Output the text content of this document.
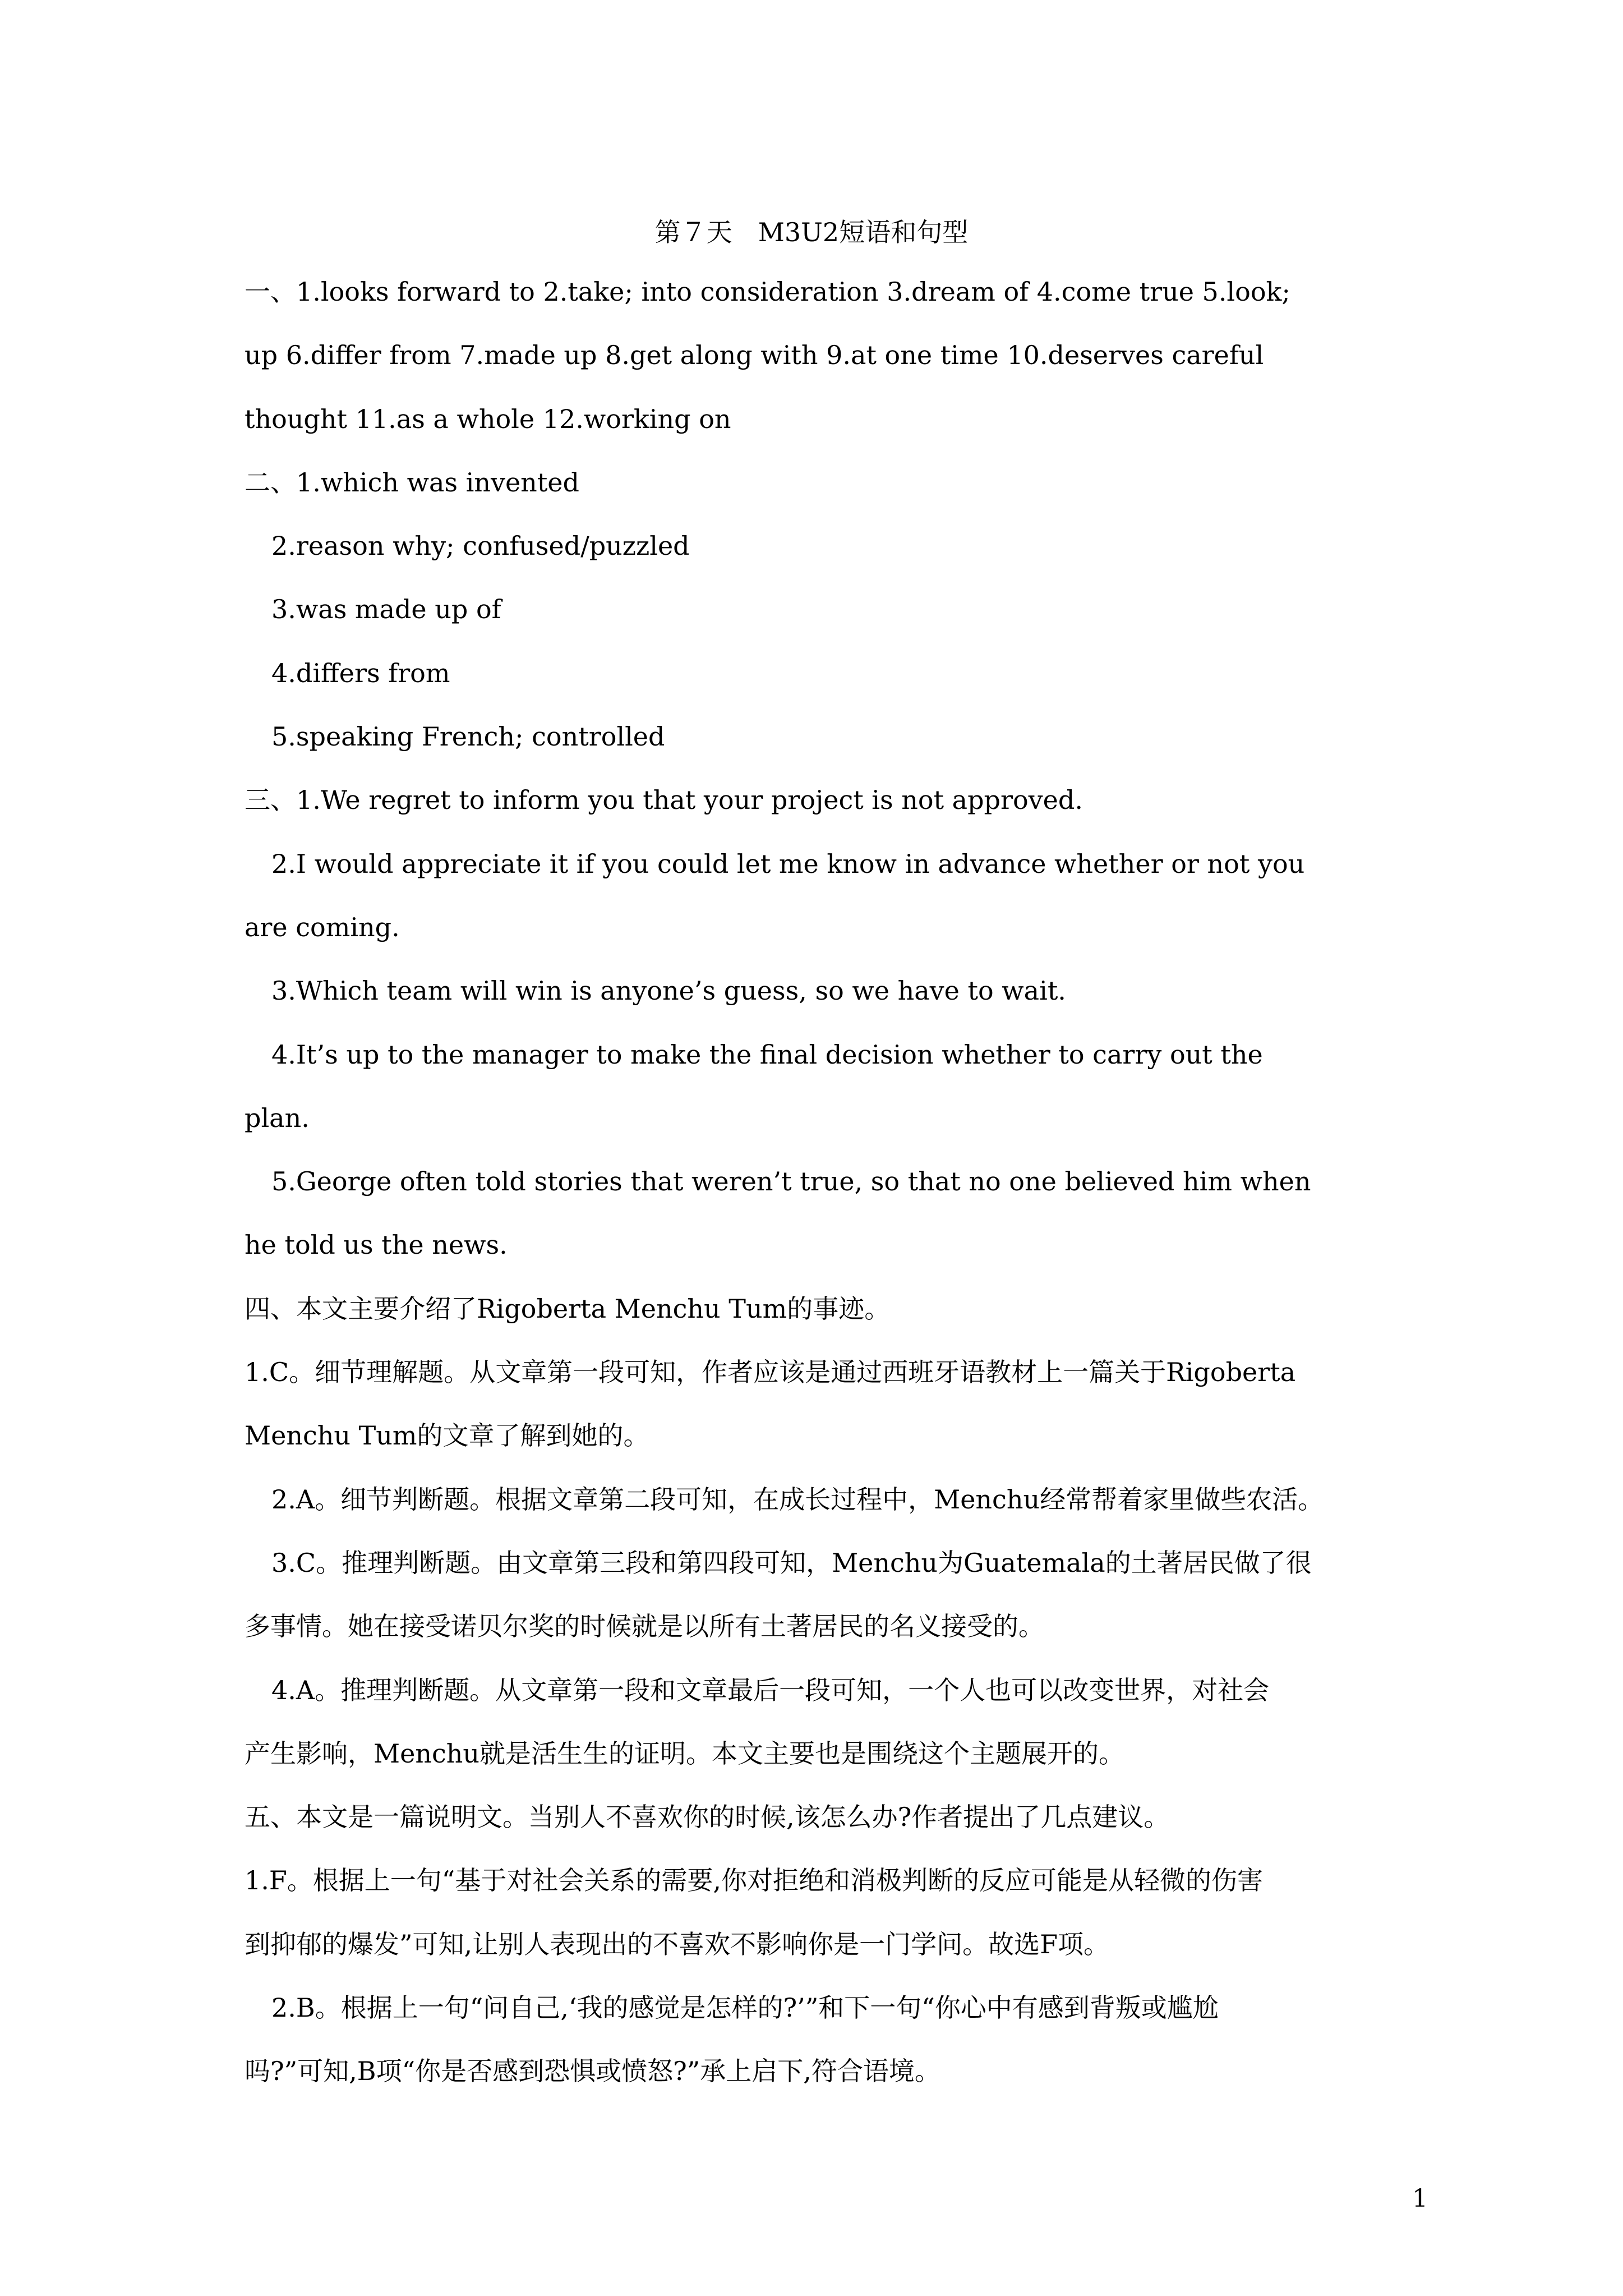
第７天　M3U2短语和句型
一、1.looks forward to 2.take; into consideration 3.dream of 4.come true 5.look;
up 6.differ from 7.made up 8.get along with 9.at one time 10.deserves careful
thought 11.as a whole 12.working on
二、1.which was invented
2.reason why; confused/puzzled
3.was made up of
4.differs from
5.speaking French; controlled
三、1.We regret to inform you that your project is not approved.
2.I would appreciate it if you could let me know in advance whether or not you
are coming.
3.Which team will win is anyone’s guess, so we have to wait.
4.It’s up to the manager to make the final decision whether to carry out the
plan.
5.George often told stories that weren’t true, so that no one believed him when
he told us the news.
四、本文主要介绍了Rigoberta Menchu Tum的事迹。
1.C。细节理解题。从文章第一段可知，作者应该是通过西班牙语教材上一篇关于Rigoberta
Menchu Tum的文章了解到她的。
2.A。细节判断题。根据文章第二段可知，在成长过程中，Menchu经常帮着家里做些农活。
3.C。推理判断题。由文章第三段和第四段可知，Menchu为Guatemala的土著居民做了很
多事情。她在接受诺贝尔奖的时候就是以所有土著居民的名义接受的。
4.A。推理判断题。从文章第一段和文章最后一段可知，一个人也可以改变世界，对社会
产生影响，Menchu就是活生生的证明。本文主要也是围绕这个主题展开的。
五、本文是一篇说明文。当别人不喜欢你的时候,该怎么办?作者提出了几点建议。
1.F。根据上一句“基于对社会关系的需要,你对拒绝和消极判断的反应可能是从轻微的伤害
到抑郁的爆发”可知,让别人表现出的不喜欢不影响你是一门学问。故选F项。
2.B。根据上一句“问自己,‘我的感觉是怎样的?’”和下一句“你心中有感到背叛或尴尬
吗?”可知,B项“你是否感到恐惧或愤怒?”承上启下,符合语境。
1
